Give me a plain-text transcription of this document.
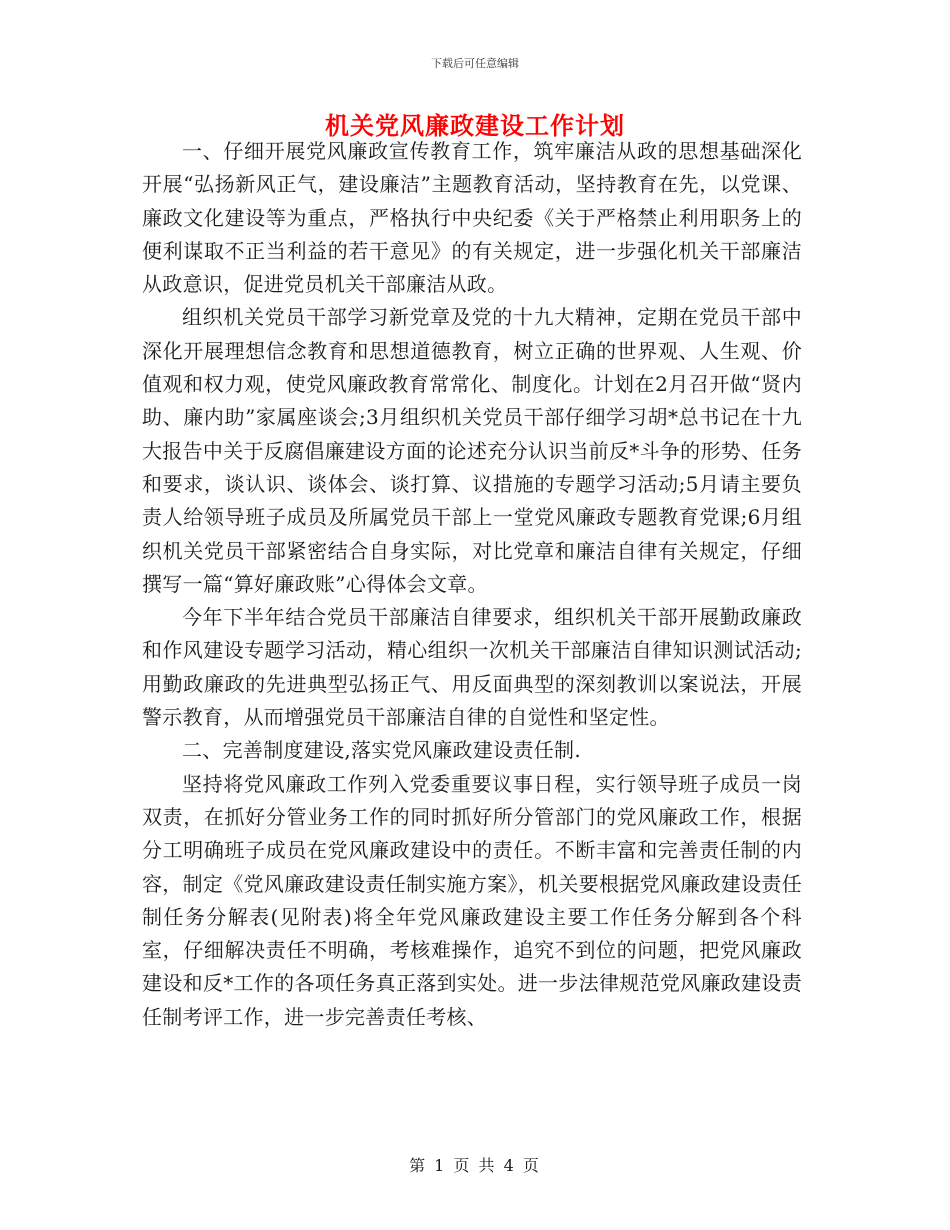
下载后可任意编辑
机关党风廉政建设工作计划

一、仔细开展党风廉政宣传教育工作，筑牢廉洁从政的思想基础深化开展“弘扬新风正气，建设廉洁”主题教育活动，坚持教育在先，以党课、廉政文化建设等为重点，严格执行中央纪委《关于严格禁止利用职务上的便利谋取不正当利益的若干意见》的有关规定，进一步强化机关干部廉洁从政意识，促进党员机关干部廉洁从政。

组织机关党员干部学习新党章及党的十九大精神，定期在党员干部中深化开展理想信念教育和思想道德教育，树立正确的世界观、人生观、价值观和权力观，使党风廉政教育常常化、制度化。计划在2月召开做“贤内助、廉内助”家属座谈会;3月组织机关党员干部仔细学习胡*总书记在十九大报告中关于反腐倡廉建设方面的论述充分认识当前反*斗争的形势、任务和要求，谈认识、谈体会、谈打算、议措施的专题学习活动;5月请主要负责人给领导班子成员及所属党员干部上一堂党风廉政专题教育党课;6月组织机关党员干部紧密结合自身实际，对比党章和廉洁自律有关规定，仔细撰写一篇“算好廉政账”心得体会文章。

今年下半年结合党员干部廉洁自律要求，组织机关干部开展勤政廉政和作风建设专题学习活动，精心组织一次机关干部廉洁自律知识测试活动;用勤政廉政的先进典型弘扬正气、用反面典型的深刻教训以案说法，开展警示教育，从而增强党员干部廉洁自律的自觉性和坚定性。

二、完善制度建设,落实党风廉政建设责任制.

坚持将党风廉政工作列入党委重要议事日程，实行领导班子成员一岗双责，在抓好分管业务工作的同时抓好所分管部门的党风廉政工作，根据分工明确班子成员在党风廉政建设中的责任。不断丰富和完善责任制的内容，制定《党风廉政建设责任制实施方案》，机关要根据党风廉政建设责任制任务分解表(见附表)将全年党风廉政建设主要工作任务分解到各个科室，仔细解决责任不明确，考核难操作，追究不到位的问题，把党风廉政建设和反*工作的各项任务真正落到实处。进一步法律规范党风廉政建设责任制考评工作，进一步完善责任考核、

第 1 页 共 4 页
